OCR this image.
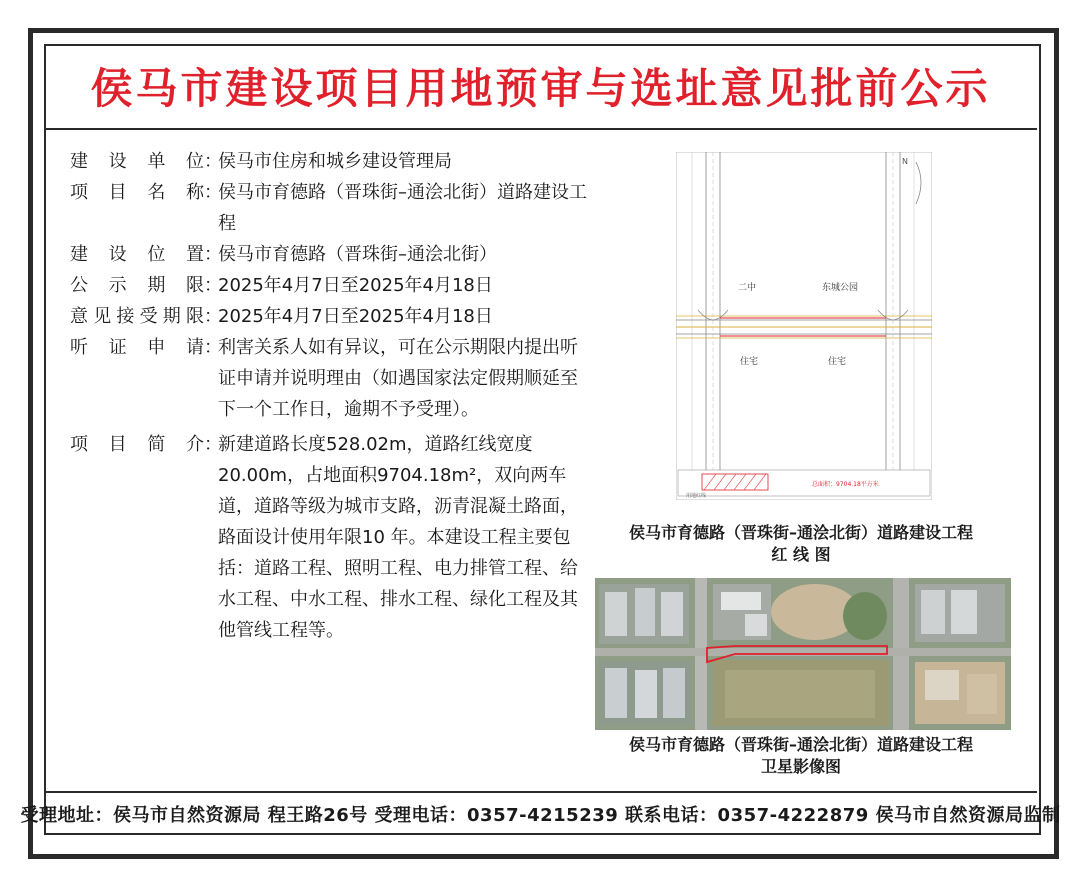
侯马市建设项目用地预审与选址意见批前公示
建设单位 ：
侯马市住房和城乡建设管理局
项目名称 ：
侯马市育德路（晋珠街–通浍北街）道路建设工程
建设位置 ：
侯马市育德路（晋珠街–通浍北街）
公示期限 ：
2025年4月7日至2025年4月18日
意见接受期限 ：
2025年4月7日至2025年4月18日
听证申请 ：
利害关系人如有异议，可在公示期限内提出听证申请并说明理由（如遇国家法定假期顺延至下一个工作日，逾期不予受理）。
项目简介 ：
新建道路长度528.02m，道路红线宽度20.00m，占地面积9704.18m²，双向两车道，道路等级为城市支路，沥青混凝土路面，路面设计使用年限10 年。本建设工程主要包括：道路工程、照明工程、电力排管工程、给水工程、中水工程、排水工程、绿化工程及其他管线工程等。
N
二中	东城公园
住宅	住宅
用地红线
总面积：9704.18平方米
侯马市育德路（晋珠街–通浍北街）道路建设工程
红 线 图
侯马市育德路（晋珠街–通浍北街）道路建设工程
卫星影像图
受理地址：侯马市自然资源局 程王路26号 受理电话：0357-4215239 联系电话：0357-4222879 侯马市自然资源局监制
